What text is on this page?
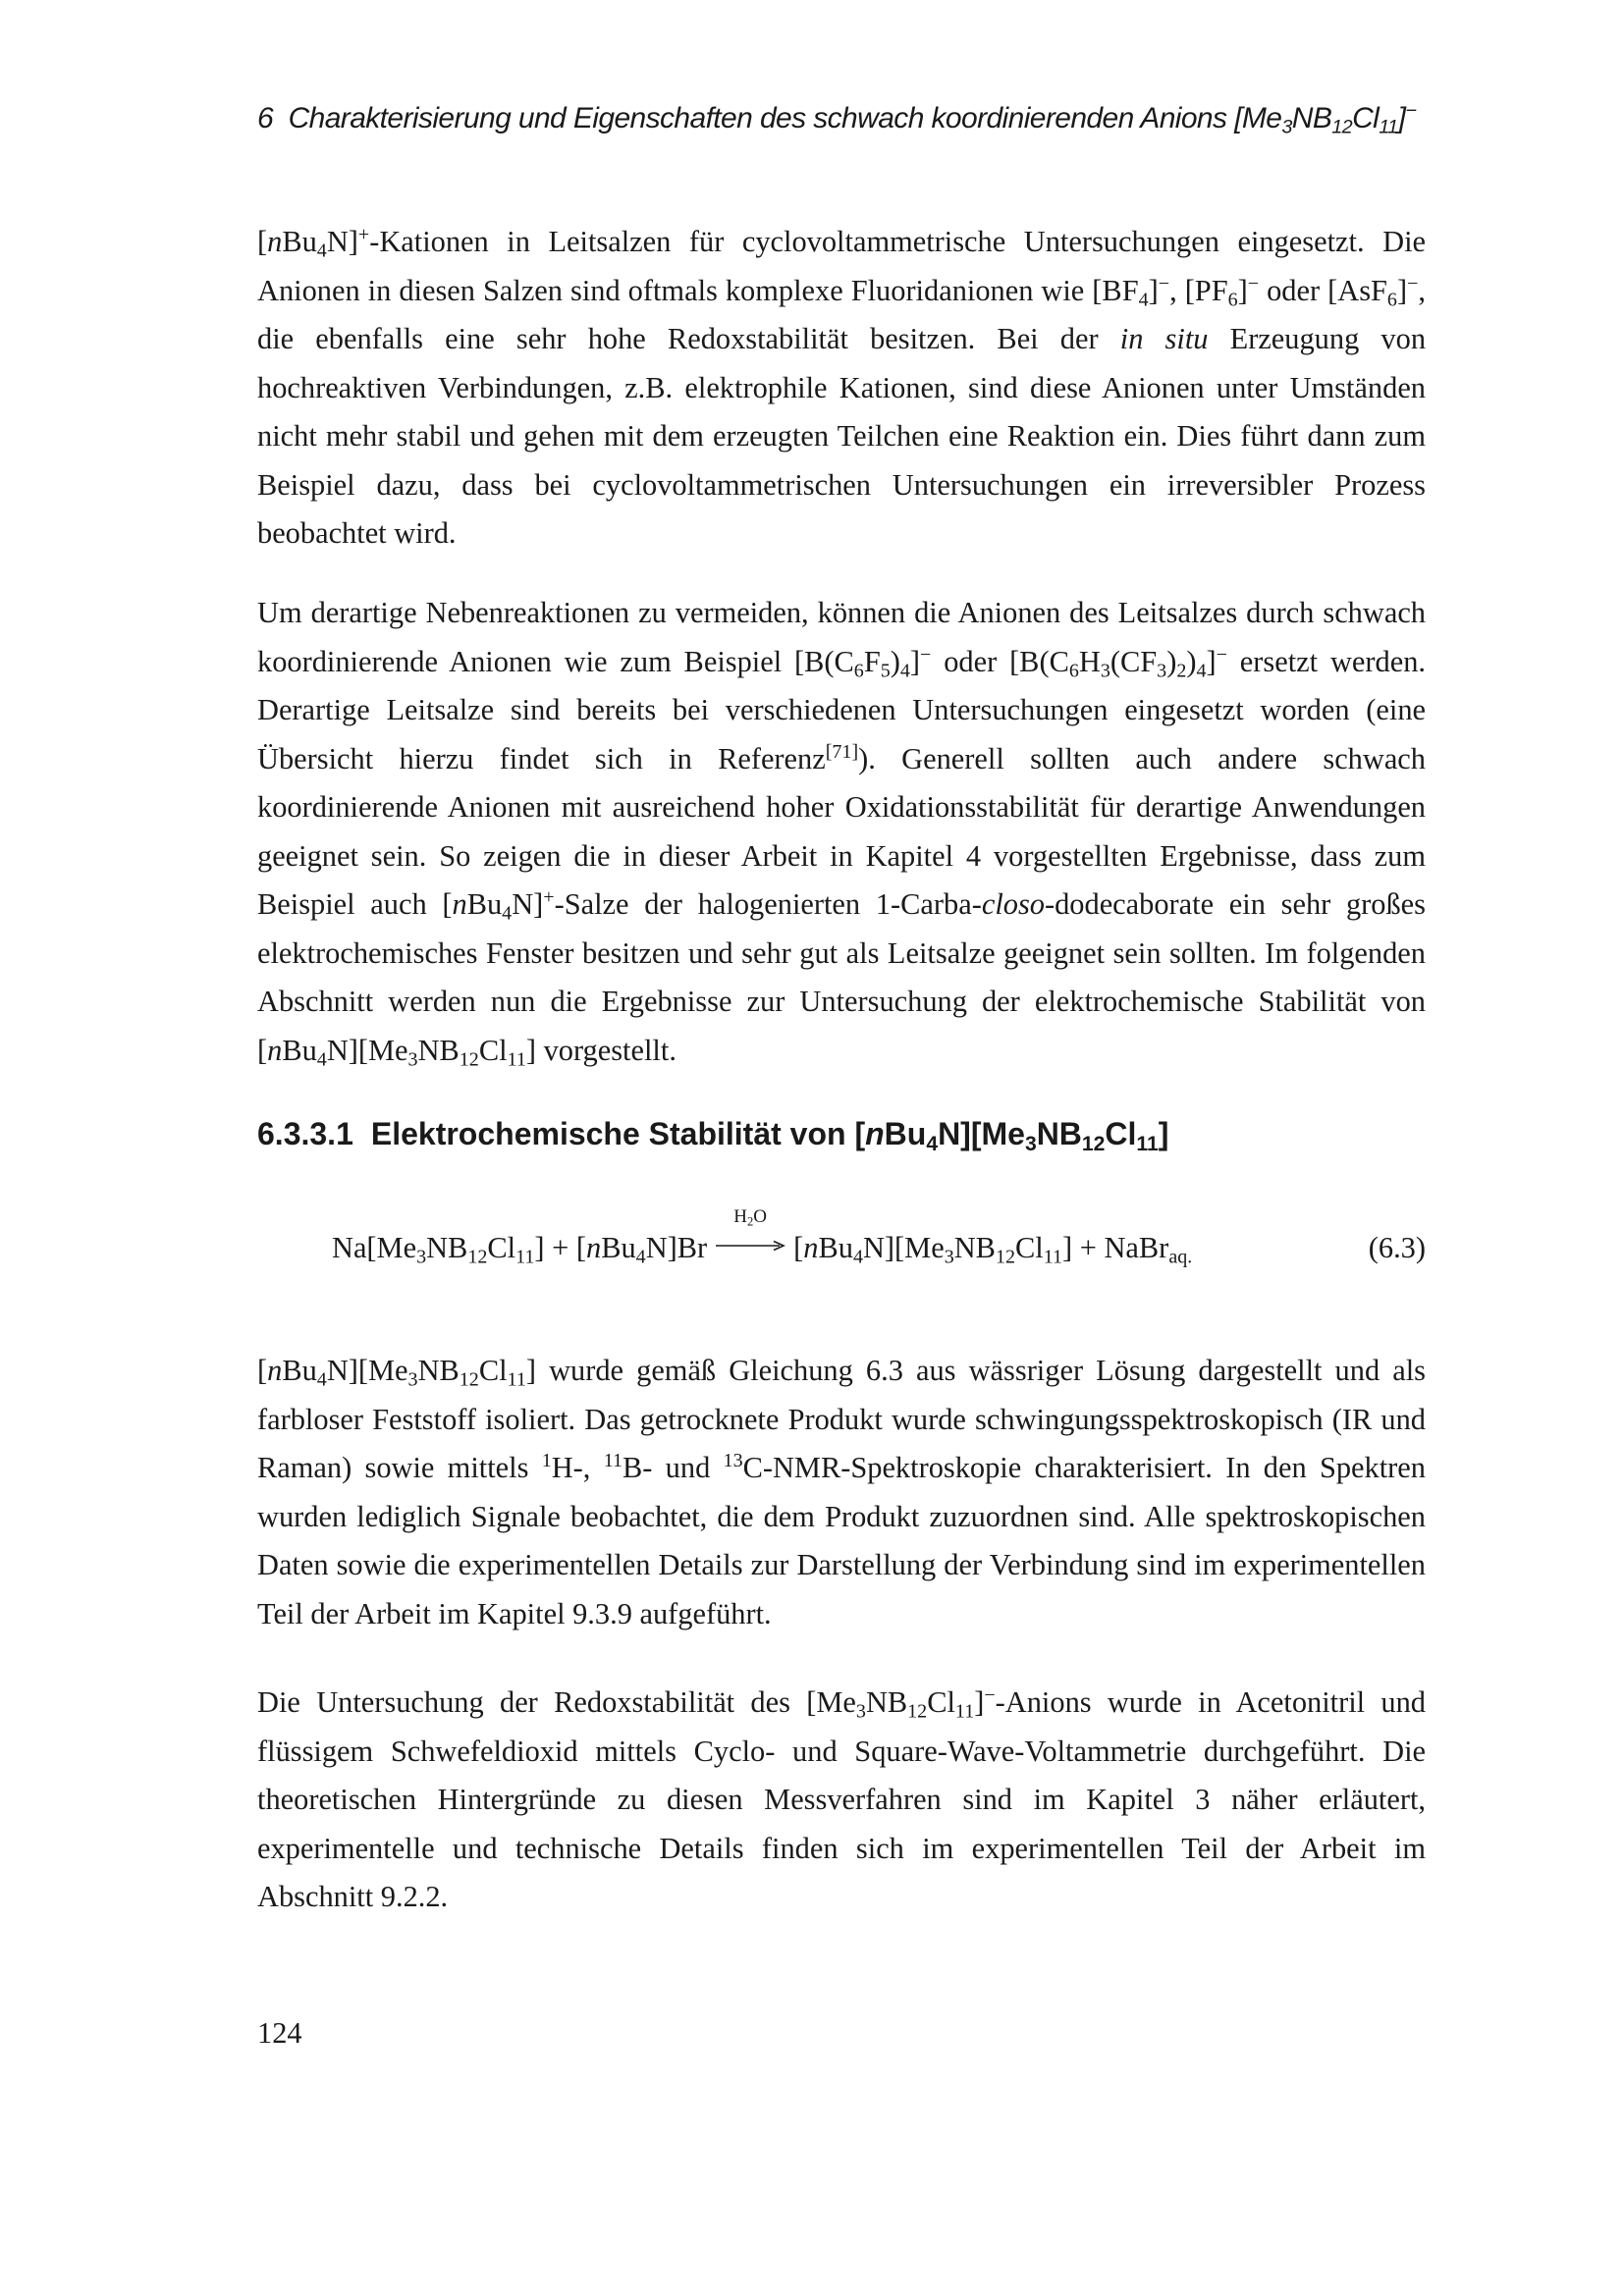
6 Charakterisierung und Eigenschaften des schwach koordinierenden Anions $[Me_3NB_{12}Cl_{11}]^-$

[nBu$_4$N]+-Kationen in Leitsalzen für cyclovoltammetrische Untersuchungen eingesetzt. Die Anionen in diesen Salzen sind oftmals komplexe Fluoridanionen wie $[BF_4]^-$, $[PF_6]^-$ oder [AsF$_6$]−, die ebenfalls eine sehr hohe Redoxstabilität besitzen. Bei der in situ Erzeugung von hochreaktiven Verbindungen, z.B. elektrophile Kationen, sind diese Anionen unter Umständen nicht mehr stabil und gehen mit dem erzeugten Teilchen eine Reaktion ein. Dies führt dann zum Beispiel dazu, dass bei cyclovoltammetrischen Untersuchungen ein irreversibler Prozess beobachtet wird.

Um derartige Nebenreaktionen zu vermeiden, können die Anionen des Leitsalzes durch schwach koordinierende Anionen wie zum Beispiel $[B(C_6F_5)_4]^-$ oder $[B(C_6H_3(CF_3)_2)_4]^-$ ersetzt werden. Derartige Leitsalze sind bereits bei verschiedenen Untersuchungen eingesetzt worden (eine Übersicht hierzu findet sich in Referenz[71]). Generell sollten auch andere schwach koordinierende Anionen mit ausreichend hoher Oxidationsstabilität für derartige Anwendungen geeignet sein. So zeigen die in dieser Arbeit in Kapitel 4 vorgestellten Ergebnisse, dass zum Beispiel auch [nBu$_4$N]+-Salze der halogenierten 1-Carba-closo-dodecaborate ein sehr großes elektrochemisches Fenster besitzen und sehr gut als Leitsalze geeignet sein sollten. Im folgenden Abschnitt werden nun die Ergebnisse zur Untersuchung der elektrochemische Stabilität von $[nBu_4N][Me_3NB_{12}Cl_{11}]$ vorgestellt.

6.3.3.1 Elektrochemische Stabilität von $[nBu_4N][Me_3NB_{12}Cl_{11}]$
$Na[Me_3NB_{12}Cl_{11}] + [nBu_4N]Br$
$H_2O$
$[nBu_4N][Me_3NB_{12}Cl_{11}]$ + NaBr$_{aq.}$	(6.3)

$[nBu_4N][Me_3NB_{12}Cl_{11}]$ wurde gemäß Gleichung 6.3 aus wässriger Lösung dargestellt und als farbloser Feststoff isoliert. Das getrocknete Produkt wurde schwingungsspektroskopisch (IR und Raman) sowie mittels $^1$H-, $^{11}$B- und $^{13}$C-NMR-Spektroskopie charakterisiert. In den Spektren wurden lediglich Signale beobachtet, die dem Produkt zuzuordnen sind. Alle spektroskopischen Daten sowie die experimentellen Details zur Darstellung der Verbindung sind im experimentellen Teil der Arbeit im Kapitel 9.3.9 aufgeführt.

Die Untersuchung der Redoxstabilität des $[Me_3NB_{12}Cl_{11}]^-$-Anions wurde in Acetonitril und flüssigem Schwefeldioxid mittels Cyclo- und Square-Wave-Voltammetrie durchgeführt. Die theoretischen Hintergründe zu diesen Messverfahren sind im Kapitel 3 näher erläutert, experimentelle und technische Details finden sich im experimentellen Teil der Arbeit im Abschnitt 9.2.2.

124
